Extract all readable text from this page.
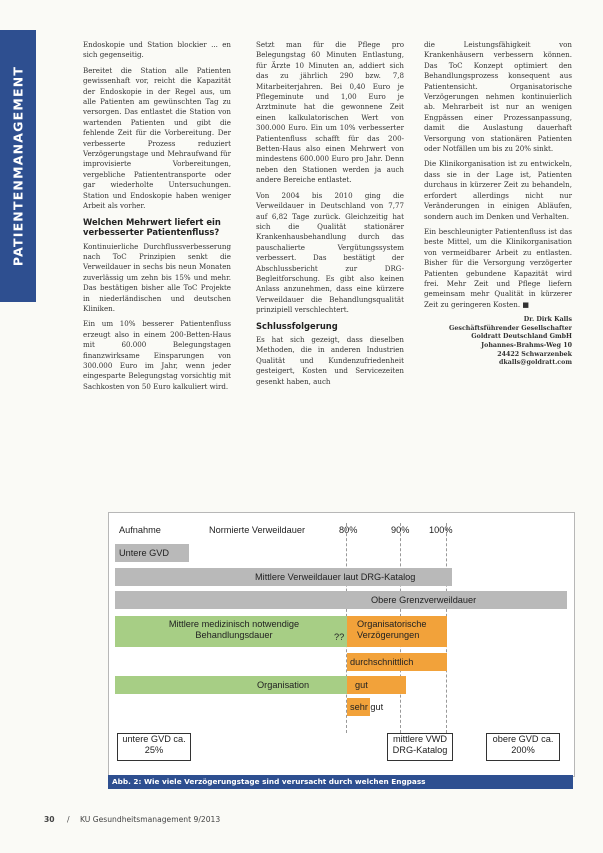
PATIENTENMANAGEMENT

Endoskopie und Station blockier ... en sich gegenseitig.

Bereitet die Station alle Patienten gewissenhaft vor, reicht die Kapazität der Endoskopie in der Regel aus, um alle Patienten am gewünschten Tag zu versorgen. Das entlastet die Station von wartenden Patienten und gibt die fehlende Zeit für die Vorbereitung. Der verbesserte Prozess reduziert Verzögerungstage und Mehraufwand für improvisierte Vorbereitungen, vergebliche Patiententransporte oder gar wiederholte Untersuchungen. Station und Endoskopie haben weniger Arbeit als vorher.

Welchen Mehrwert liefert ein verbesserter Patientenfluss?

Kontinuierliche Durchflussverbesserung nach ToC Prinzipien senkt die Verweildauer in sechs bis neun Monaten zuverlässig um zehn bis 15% und mehr. Das bestätigen bisher alle ToC Projekte in niederländischen und deutschen Kliniken.

Ein um 10% besserer Patientenfluss erzeugt also in einem 200-Betten-Haus mit 60.000 Belegungstagen finanzwirksame Einsparungen von 300.000 Euro im Jahr, wenn jeder eingesparte Belegungstag vorsichtig mit Sachkosten von 50 Euro kalkuliert wird.

Setzt man für die Pflege pro Belegungstag 60 Minuten Entlastung, für Ärzte 10 Minuten an, addiert sich das zu jährlich 290 bzw. 7,8 Mitarbeiterjahren. Bei 0,40 Euro je Pflegeminute und 1,00 Euro je Arztminute hat die gewonnene Zeit einen kalkulatorischen Wert von 300.000 Euro. Ein um 10% verbesserter Patientenfluss schafft für das 200-Betten-Haus also einen Mehrwert von mindestens 600.000 Euro pro Jahr. Denn neben den Stationen werden ja auch andere Bereiche entlastet.

Von 2004 bis 2010 ging die Verweildauer in Deutschland von 7,77 auf 6,82 Tage zurück. Gleichzeitig hat sich die Qualität stationärer Krankenhausbehandlung durch das pauschalierte Vergütungssystem verbessert. Das bestätigt der Abschlussbericht zur DRG-Begleitforschung. Es gibt also keinen Anlass anzunehmen, dass eine kürzere Verweildauer die Behandlungsqualität prinzipiell verschlechtert.

Schlussfolgerung

Es hat sich gezeigt, dass dieselben Methoden, die in anderen Industrien Qualität und Kundenzufriedenheit gesteigert, Kosten und Servicezeiten gesenkt haben, auch

die Leistungsfähigkeit von Krankenhäusern verbessern können. Das ToC Konzept optimiert den Behandlungsprozess konsequent aus Patientensicht. Organisatorische Verzögerungen nehmen kontinuierlich ab. Mehrarbeit ist nur an wenigen Engpässen einer Prozessanpassung, damit die Auslastung dauerhaft Versorgung von stationären Patienten oder Notfällen um bis zu 20% sinkt.

Die Klinikorganisation ist zu entwickeln, dass sie in der Lage ist, Patienten durchaus in kürzerer Zeit zu behandeln, erfordert allerdings nicht nur Veränderungen in einigen Abläufen, sondern auch im Denken und Verhalten.

Ein beschleunigter Patientenfluss ist das beste Mittel, um die Klinikorganisation von vermeidbarer Arbeit zu entlasten. Bisher für die Versorgung verzögerter Patienten gebundene Kapazität wird frei. Mehr Zeit und Pflege liefern gemeinsam mehr Qualität in kürzerer Zeit zu geringeren Kosten. ■

Dr. Dirk Kalls
Geschäftsführender Gesellschafter
Goldratt Deutschland GmbH
Johannes-Brahms-Weg 10
24422 Schwarzenbek
dkalls@goldratt.com
Aufnahme	Normierte Verweildauer	80%	90% 100%
Untere GVD
Mittlere Verweildauer laut DRG-Katalog
Obere Grenzverweildauer
Mittlere medizinisch notwendige Behandlungsdauer	??
Organisatorische Verzögerungen
durchschnittlich
Organisation	gut
sehr gut
untere GVD ca. 25%
mittlere VWD DRG-Katalog
obere GVD ca. 200%
Abb. 2: Wie viele Verzögerungstage sind verursacht durch welchen Engpass
30 / KU Gesundheitsmanagement 9/2013
